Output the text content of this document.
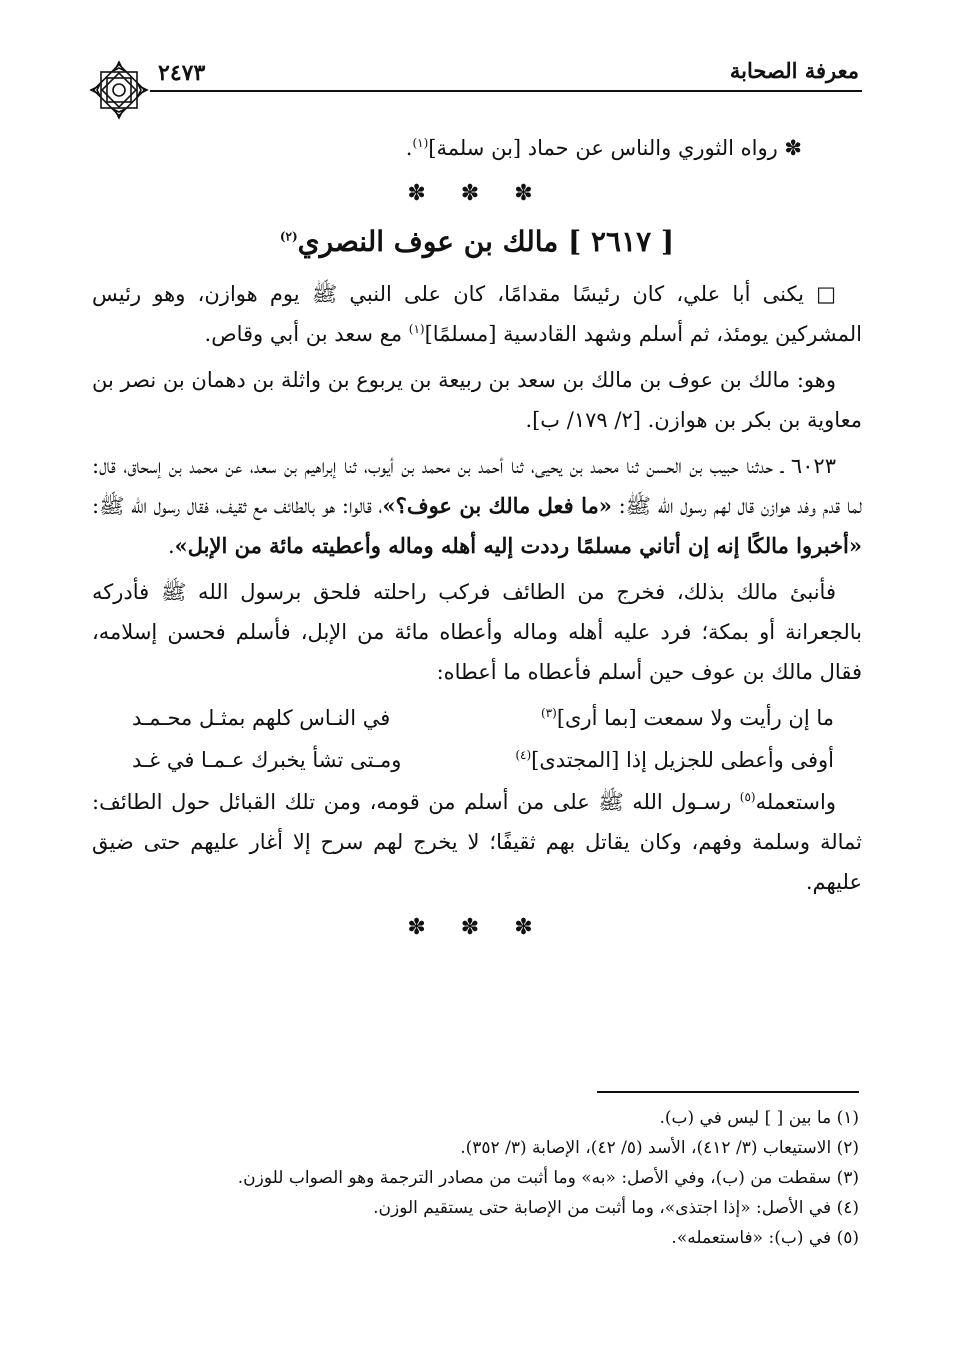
معرفة الصحابة
٢٤٧٣

✽ رواه الثوري والناس عن حماد [بن سلمة]$^{(١)}$.

✽ ✽ ✽

[ ٢٦١٧ ] مالك بن عوف النصري$^{(٢)}$

□ يكنى أبا علي، كان رئيسًا مقدامًا، كان على النبي ﷺ يوم هوازن، وهو رئيس المشركين يومئذ، ثم أسلم وشهد القادسية [مسلمًا]$^{(١)}$ مع سعد بن أبي وقاص.

وهو: مالك بن عوف بن مالك بن سعد بن ربيعة بن يربوع بن واثلة بن دهمان بن نصر بن معاوية بن بكر بن هوازن. [٢/ ١٧٩/ ب].

٦٠٢٣ ـ حدثنا حبيب بن الحسن ثنا محمد بن يحيى، ثنا أحمد بن محمد بن أيوب، ثنا إبراهيم بن سعد، عن محمد بن إسحاق، قال: لما قدم وفد هوازن قال لهم رسول الله ﷺ: «ما فعل مالك بن عوف؟»، قالوا: هو بالطائف مع ثقيف، فقال رسول الله ﷺ: «أخبروا مالكًا إنه إن أتاني مسلمًا رددت إليه أهله وماله وأعطيته مائة من الإبل».

فأنبئ مالك بذلك، فخرج من الطائف فركب راحلته فلحق برسول الله ﷺ فأدركه بالجعرانة أو بمكة؛ فرد عليه أهله وماله وأعطاه مائة من الإبل، فأسلم فحسن إسلامه، فقال مالك بن عوف حين أسلم فأعطاه ما أعطاه:

ما إن رأيت ولا سمعت [بما أرى]$^{(٣)}$
في النـاس كلهم بمثـل محـمـد
أوفى وأعطى للجزيل إذا [المجتدى]$^{(٤)}$
ومـتى تشأ يخبرك عـمـا في غـد

واستعمله$^{(٥)}$ رسـول الله ﷺ على من أسلم من قومه، ومن تلك القبائل حول الطائف: ثمالة وسلمة وفهم، وكان يقاتل بهم ثقيفًا؛ لا يخرج لهم سرح إلا أغار عليهم حتى ضيق عليهم.

✽ ✽ ✽

(١) ما بين [ ] ليس في (ب).
(٢) الاستيعاب (٣/ ٤١٢)، الأسد (٥/ ٤٢)، الإصابة (٣/ ٣٥٢).
(٣) سقطت من (ب)، وفي الأصل: «به» وما أثبت من مصادر الترجمة وهو الصواب للوزن.
(٤) في الأصل: «إذا اجتذى»، وما أثبت من الإصابة حتى يستقيم الوزن.
(٥) في (ب): «فاستعمله».
